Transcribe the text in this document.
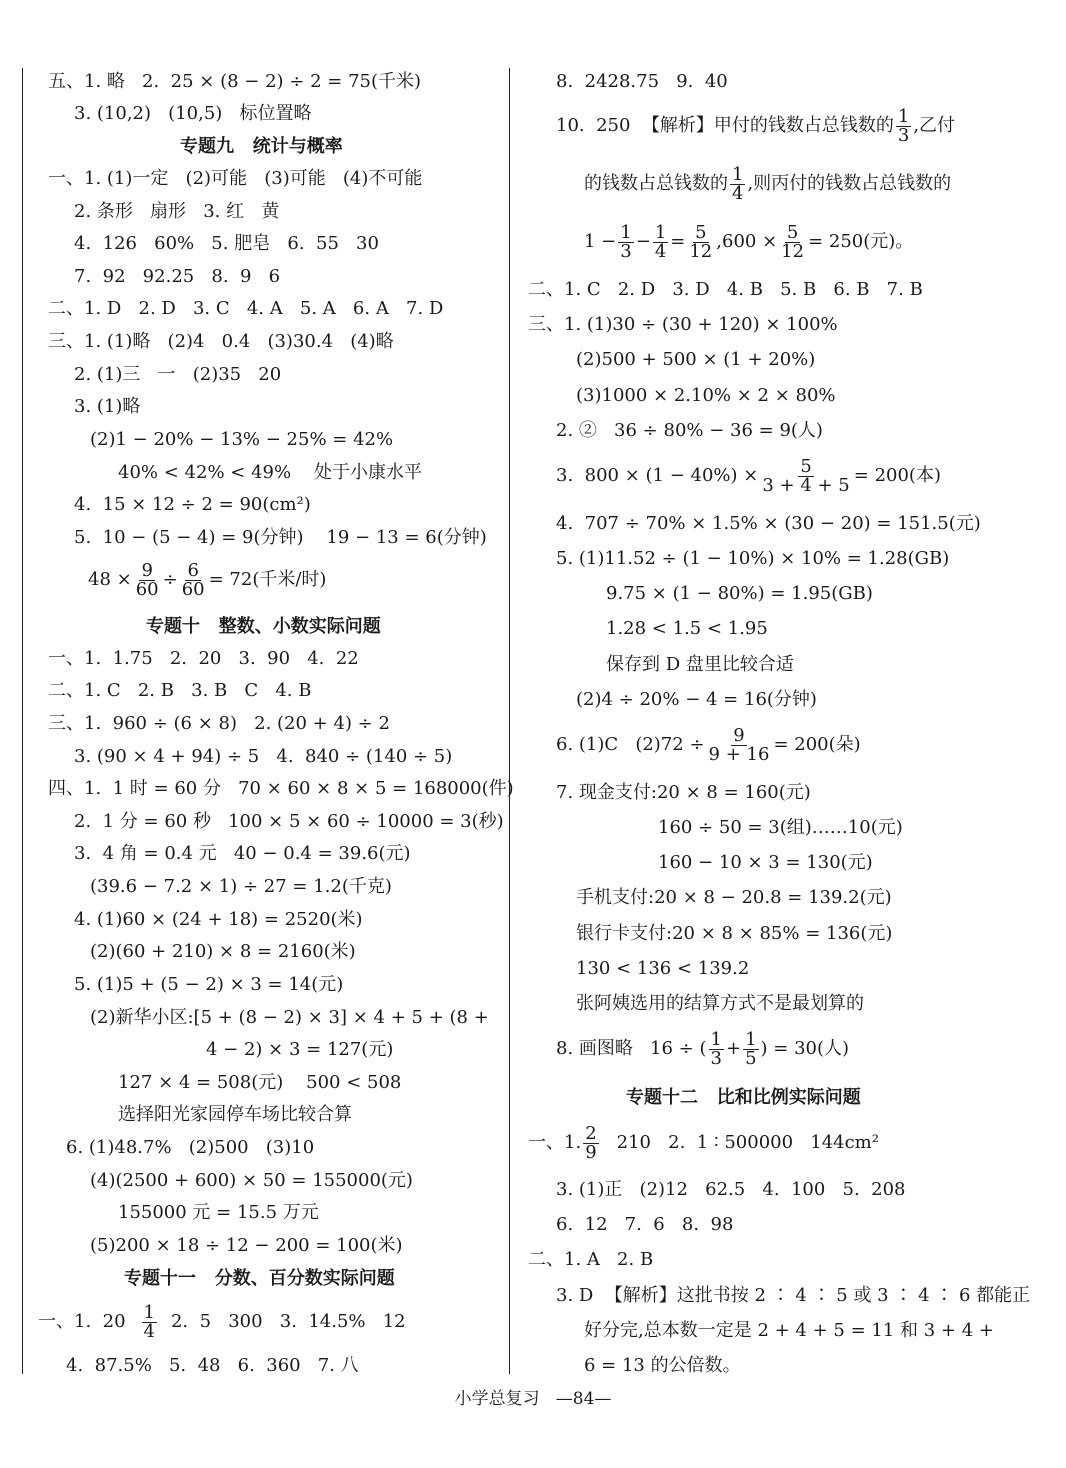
五、1. 略   2.  25 × (8 − 2) ÷ 2 = 75(千米)
3. (10,2)   (10,5)   标位置略
专题九   统计与概率
一、1. (1)一定   (2)可能   (3)可能   (4)不可能
2. 条形   扇形   3. 红   黄
4.  126   60%   5. 肥皂   6.  55   30
7.  92   92.25   8.  9   6
二、1. D   2. D   3. C   4. A   5. A   6. A   7. D
三、1. (1)略   (2)4   0.4   (3)30.4   (4)略
2. (1)三   一   (2)35   20
3. (1)略
(2)1 − 20% − 13% − 25% = 42%
40% < 42% < 49%    处于小康水平
4.  15 × 12 ÷ 2 = 90(cm²)
5.  10 − (5 − 4) = 9(分钟)    19 − 13 = 6(分钟)
$48 \times \frac{9}{60} \div \frac{6}{60} = 72$(千米/时)
专题十   整数、小数实际问题
一、1.  1.75   2.  20   3.  90   4.  22
二、1. C   2. B   3. B   C   4. B
三、1.  960 ÷ (6 × 8)   2. (20 + 4) ÷ 2
3. (90 × 4 + 94) ÷ 5   4.  840 ÷ (140 ÷ 5)
四、1.  1 时 = 60 分   70 × 60 × 8 × 5 = 168000(件)
2.  1 分 = 60 秒   100 × 5 × 60 ÷ 10000 = 3(秒)
3.  4 角 = 0.4 元   40 − 0.4 = 39.6(元)
(39.6 − 7.2 × 1) ÷ 27 = 1.2(千克)
4. (1)60 × (24 + 18) = 2520(米)
(2)(60 + 210) × 8 = 2160(米)
5. (1)5 + (5 − 2) × 3 = 14(元)
(2)新华小区:[5 + (8 − 2) × 3] × 4 + 5 + (8 +
4 − 2) × 3 = 127(元)
127 × 4 = 508(元)    500 < 508
选择阳光家园停车场比较合算
6. (1)48.7%   (2)500   (3)10
(4)(2500 + 600) × 50 = 155000(元)
155000 元 = 15.5 万元
(5)200 × 18 ÷ 12 − 200 = 100(米)
专题十一   分数、百分数实际问题
一、1.  $20 \frac{1}{4} 2$.  5   300   3.  14.5%   12
4.  87.5%   5.  48   6.  360   7. 八
8.  2428.75   9.  40
10.  250  【解析】甲付的钱数占总钱数的 $\frac{1}{3}$ ,乙付
的钱数占总钱数的 $\frac{1}{4}$ ,则丙付的钱数占总钱数的
$1 - \frac{1}{3} - \frac{1}{4} = \frac{5}{12} ,600 \times \frac{5}{12} = 250$(元)。
二、1. C   2. D   3. D   4. B   5. B   6. B   7. B
三、1. (1)30 ÷ (30 + 120) × 100%
(2)500 + 500 × (1 + 20%)
(3)1000 × 2.10% × 2 × 80%
2. ②   36 ÷ 80% − 36 = 9(人)
3.  $800 \times (1 - 40\%) \times \frac{5}{3 + 4 + 5} = 200$(本)
4.  707 ÷ 70% × 1.5% × (30 − 20) = 151.5(元)
5. (1)11.52 ÷ (1 − 10%) × 10% = 1.28(GB)
9.75 × (1 − 80%) = 1.95(GB)
1.28 < 1.5 < 1.95
保存到 D 盘里比较合适
(2)4 ÷ 20% − 4 = 16(分钟)
6. (1)C   $(2)72 \div \frac{9}{9 + 16} = 200$(朵)
7. 现金支付:20 × 8 = 160(元)
160 ÷ 50 = 3(组)……10(元)
160 − 10 × 3 = 130(元)
手机支付:20 × 8 − 20.8 = 139.2(元)
银行卡支付:20 × 8 × 85% = 136(元)
130 < 136 < 139.2
张阿姨选用的结算方式不是最划算的
8. 画图略   16 ÷ ( $\frac{1}{3} + \frac{1}{5}$ ) = 30(人)
专题十二   比和比例实际问题
一、1. $\frac{2}{9} 210$   2.  1 ∶ 500000   144cm²
3. (1)正   (2)12   62.5   4.  100   5.  208
6.  12   7.  6   8.  98
二、1. A   2. B
3. D  【解析】这批书按 2 ∶ 4 ∶ 5 或 3 ∶ 4 ∶ 6 都能正
好分完,总本数一定是 2 + 4 + 5 = 11 和 3 + 4 +
6 = 13 的公倍数。
小学总复习   —84—
